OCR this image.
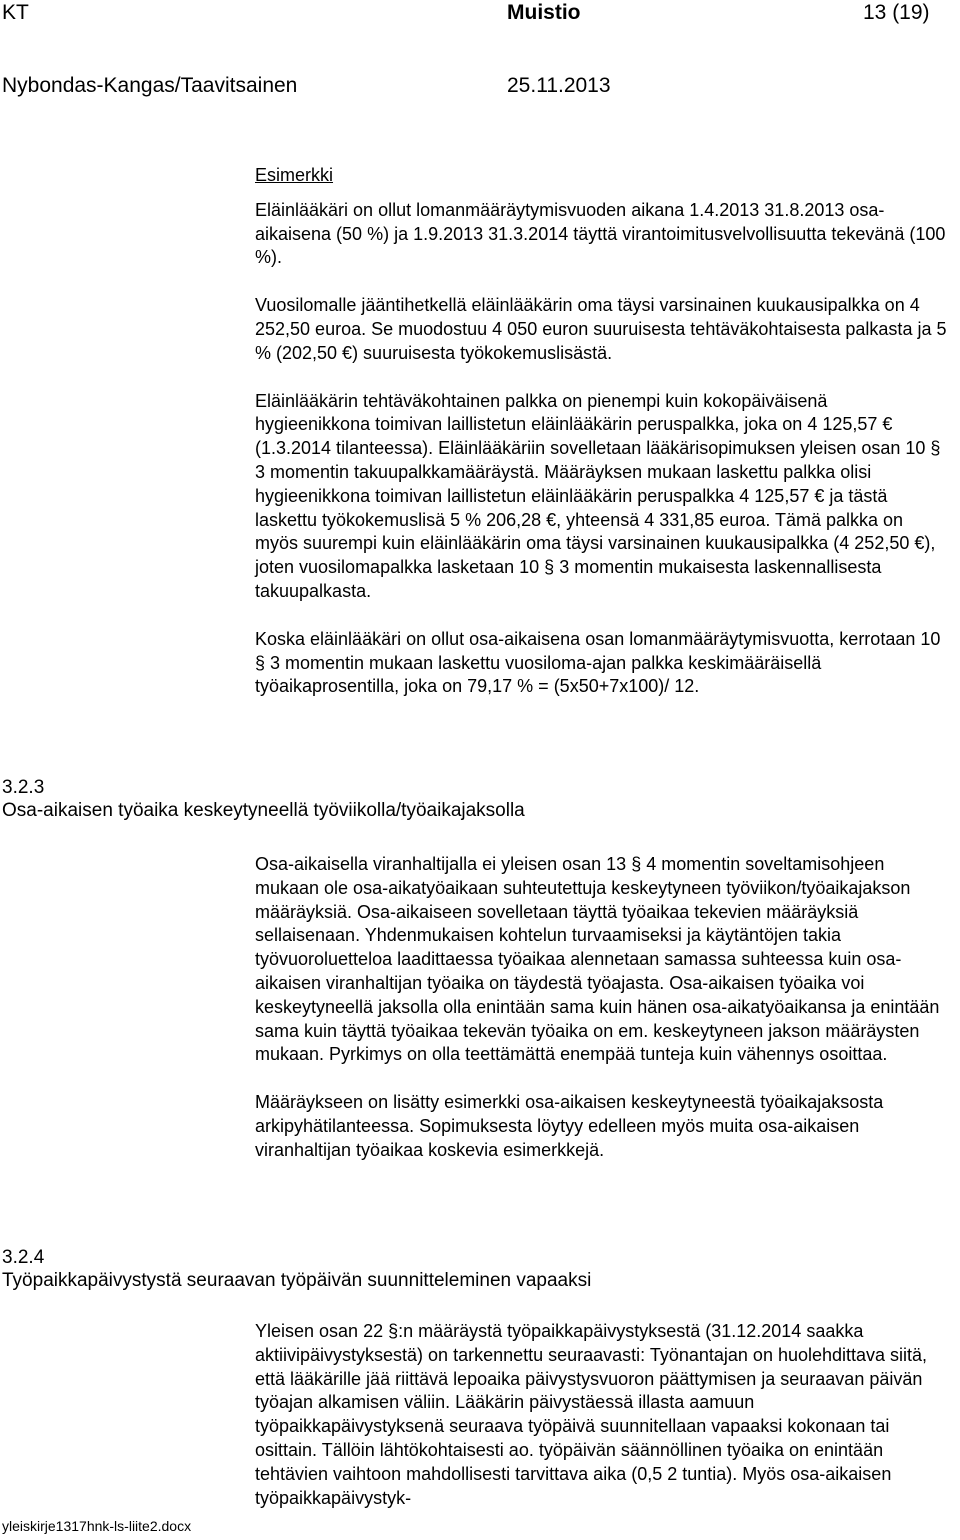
KT	Muistio	13 (19)
Nybondas-Kangas/Taavitsainen	25.11.2013

Esimerkki

Eläinlääkäri on ollut lomanmääräytymisvuoden aikana 1.4.2013 31.8.2013 osa-aikaisena (50 %) ja 1.9.2013 31.3.2014 täyttä virantoimitusvelvollisuutta tekevänä (100 %).

Vuosilomalle jääntihetkellä eläinlääkärin oma täysi varsinainen kuukausipalkka on 4 252,50 euroa. Se muodostuu 4 050 euron suuruisesta tehtäväkohtaisesta palkasta ja 5 % (202,50 €) suuruisesta työkokemuslisästä.

Eläinlääkärin tehtäväkohtainen palkka on pienempi kuin kokopäiväisenä hygieenikkona toimivan laillistetun eläinlääkärin peruspalkka, joka on 4 125,57 € (1.3.2014 tilanteessa). Eläinlääkäriin sovelletaan lääkärisopimuksen yleisen osan 10 § 3 momentin takuupalkkamääräystä. Määräyksen mukaan laskettu palkka olisi hygieenikkona toimivan laillistetun eläinlääkärin peruspalkka 4 125,57 € ja tästä laskettu työkokemuslisä 5 % 206,28 €, yhteensä 4 331,85 euroa. Tämä palkka on myös suurempi kuin eläinlääkärin oma täysi varsinainen kuukausipalkka (4 252,50 €), joten vuosilomapalkka lasketaan 10 § 3 momentin mukaisesta laskennallisesta takuupalkasta.

Koska eläinlääkäri on ollut osa-aikaisena osan lomanmääräytymisvuotta, kerrotaan 10 § 3 momentin mukaan laskettu vuosiloma-ajan palkka keskimääräisellä työaikaprosentilla, joka on 79,17 % = (5x50+7x100)/ 12.

3.2.3
Osa-aikaisen työaika keskeytyneellä työviikolla/työaikajaksolla

Osa-aikaisella viranhaltijalla ei yleisen osan 13 § 4 momentin soveltamisohjeen mukaan ole osa-aikatyöaikaan suhteutettuja keskeytyneen työviikon/työaikajakson määräyksiä. Osa-aikaiseen sovelletaan täyttä työaikaa tekevien määräyksiä sellaisenaan. Yhdenmukaisen kohtelun turvaamiseksi ja käytäntöjen takia työvuoroluetteloa laadittaessa työaikaa alennetaan samassa suhteessa kuin osa-aikaisen viranhaltijan työaika on täydestä työajasta. Osa-aikaisen työaika voi keskeytyneellä jaksolla olla enintään sama kuin hänen osa-aikatyöaikansa ja enintään sama kuin täyttä työaikaa tekevän työaika on em. keskeytyneen jakson määräysten mukaan. Pyrkimys on olla teettämättä enempää tunteja kuin vähennys osoittaa.

Määräykseen on lisätty esimerkki osa-aikaisen keskeytyneestä työaikajaksosta arkipyhätilanteessa. Sopimuksesta löytyy edelleen myös muita osa-aikaisen viranhaltijan työaikaa koskevia esimerkkejä.

3.2.4
Työpaikkapäivystystä seuraavan työpäivän suunnitteleminen vapaaksi

Yleisen osan 22 §:n määräystä työpaikkapäivystyksestä (31.12.2014 saakka aktiivipäivystyksestä) on tarkennettu seuraavasti: Työnantajan on huolehdittava siitä, että lääkärille jää riittävä lepoaika päivystysvuoron päättymisen ja seuraavan päivän työajan alkamisen väliin. Lääkärin päivystäessä illasta aamuun työpaikkapäivystyksenä seuraava työpäivä suunnitellaan vapaaksi kokonaan tai osittain. Tällöin lähtökohtaisesti ao. työpäivän säännöllinen työaika on enintään tehtävien vaihtoon mahdollisesti tarvittava aika (0,5 2 tuntia). Myös osa-aikaisen työpaikkapäivystyk-

yleiskirje1317hnk-ls-liite2.docx
